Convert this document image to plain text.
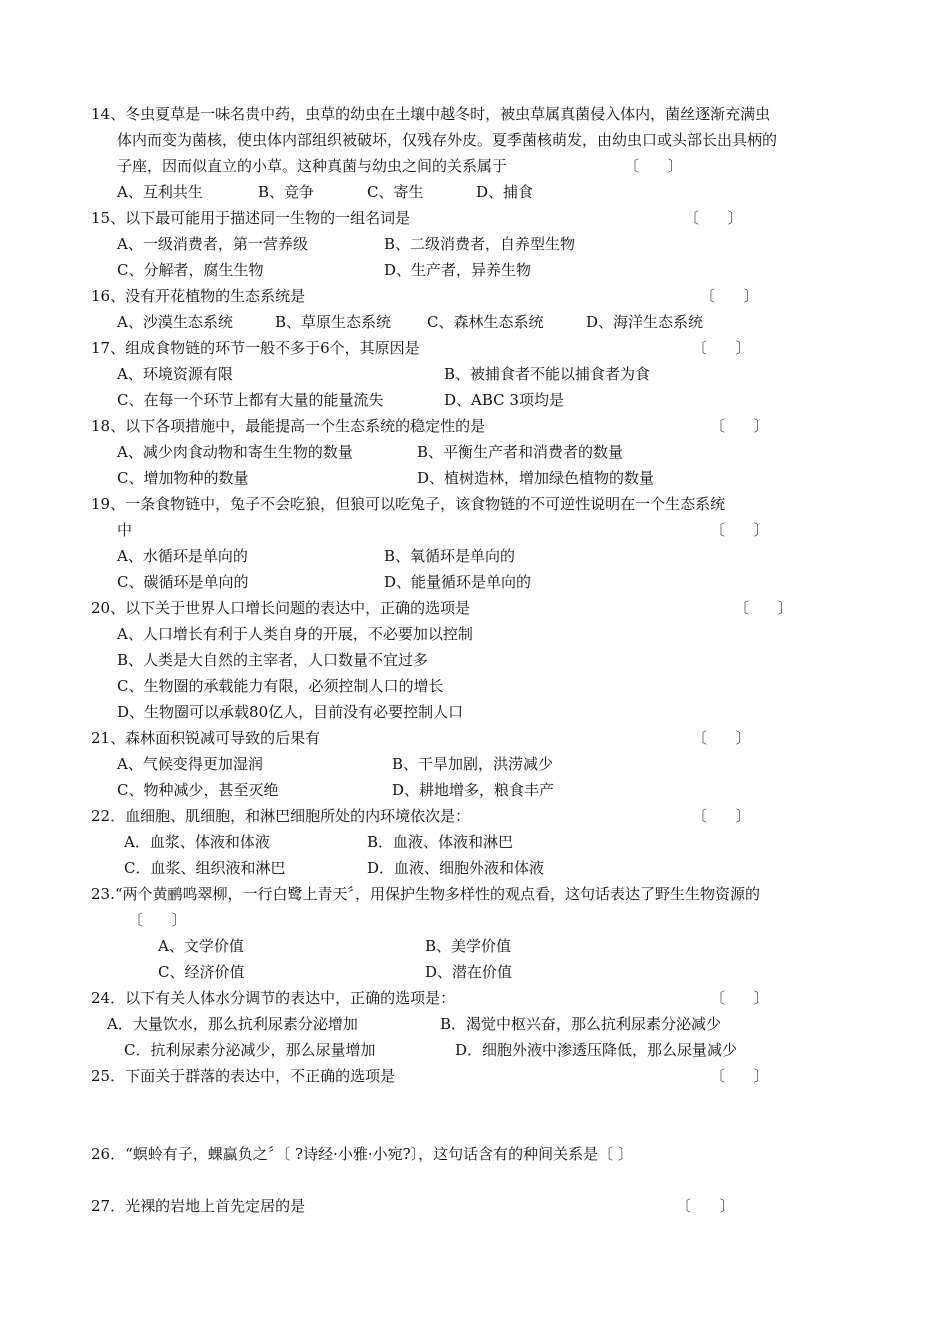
14、冬虫夏草是一味名贵中药，虫草的幼虫在土壤中越冬时，被虫草属真菌侵入体内，菌丝逐渐充满虫
体内而变为菌核，使虫体内部组织被破坏，仅残存外皮。夏季菌核萌发，由幼虫口或头部长出具柄的
子座，因而似直立的小草。这种真菌与幼虫之间的关系属于	〔      〕
A、互利共生	B、竞争	C、寄生	D、捕食
15、以下最可能用于描述同一生物的一组名词是	〔      〕
A、一级消费者，第一营养级	B、二级消费者，自养型生物
C、分解者，腐生生物	D、生产者，异养生物
16、没有开花植物的生态系统是	〔      〕
A、沙漠生态系统	B、草原生态系统 C、森林生态系统	D、海洋生态系统
17、组成食物链的环节一般不多于6个，其原因是	〔      〕
A、环境资源有限	B、被捕食者不能以捕食者为食
C、在每一个环节上都有大量的能量流失	D、ABC 3项均是
18、以下各项措施中，最能提高一个生态系统的稳定性的是	〔      〕
A、减少肉食动物和寄生生物的数量	B、平衡生产者和消费者的数量
C、增加物种的数量	D、植树造林，增加绿色植物的数量
19、一条食物链中，兔子不会吃狼，但狼可以吃兔子，该食物链的不可逆性说明在一个生态系统
中	〔      〕
A、水循环是单向的	B、氧循环是单向的
C、碳循环是单向的	D、能量循环是单向的
20、以下关于世界人口增长问题的表达中，正确的选项是	〔      〕
A、人口增长有利于人类自身的开展，不必要加以控制
B、人类是大自然的主宰者，人口数量不宜过多
C、生物圈的承载能力有限，必须控制人口的增长
D、生物圈可以承载80亿人，目前没有必要控制人口
21、森林面积锐减可导致的后果有	〔      〕
A、气候变得更加湿润	B、干旱加剧，洪涝减少
C、物种减少，甚至灭绝	D、耕地增多，粮食丰产
22．血细胞、肌细胞，和淋巴细胞所处的内环境依次是：	〔      〕
A．血浆、体液和体液	B．血液、体液和淋巴
C．血浆、组织液和淋巴	D．血液、细胞外液和体液
23.“两个黄鹂鸣翠柳，一行白鹭上青天〞，用保护生物多样性的观点看，这句话表达了野生生物资源的
〔      〕
A、文学价值	B、美学价值
C、经济价值	D、潜在价值
24．以下有关人体水分调节的表达中，正确的选项是：	〔      〕
A．大量饮水，那么抗利尿素分泌增加	B．渴觉中枢兴奋，那么抗利尿素分泌减少
C．抗利尿素分泌减少，那么尿量增加	D．细胞外液中渗透压降低，那么尿量减少
25．下面关于群落的表达中，不正确的选项是	〔      〕
26．“螟蛉有子，蜾蠃负之〞〔 ?诗经·小雅·小宛?〕，这句话含有的种间关系是〔 〕
27．光裸的岩地上首先定居的是	〔      〕
